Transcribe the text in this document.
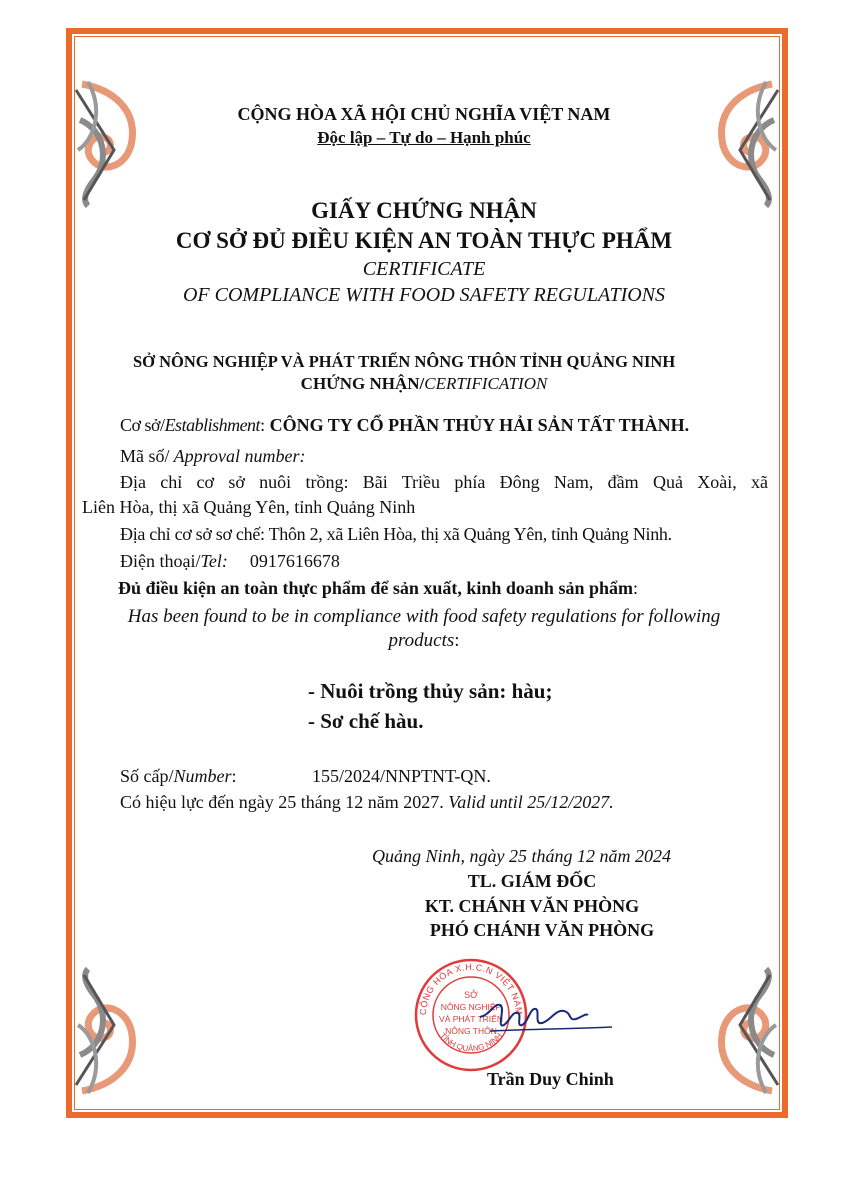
CỘNG HÒA XÃ HỘI CHỦ NGHĨA VIỆT NAM
Độc lập – Tự do – Hạnh phúc
GIẤY CHỨNG NHẬN
CƠ SỞ ĐỦ ĐIỀU KIỆN AN TOÀN THỰC PHẨM
CERTIFICATE
OF COMPLIANCE WITH FOOD SAFETY REGULATIONS
SỞ NÔNG NGHIỆP VÀ PHÁT TRIỂN NÔNG THÔN TỈNH QUẢNG NINH
CHỨNG NHẬN/CERTIFICATION
Cơ sở/Establishment: CÔNG TY CỔ PHẦN THỦY HẢI SẢN TẤT THÀNH.
Mã số/ Approval number:
Địa chỉ cơ sở nuôi trồng: Bãi Triều phía Đông Nam, đầm Quả Xoài, xã
Liên Hòa, thị xã Quảng Yên, tỉnh Quảng Ninh
Địa chỉ cơ sở sơ chế: Thôn 2, xã Liên Hòa, thị xã Quảng Yên, tỉnh Quảng Ninh.
Điện thoại/Tel: 0917616678
Đủ điều kiện an toàn thực phẩm để sản xuất, kinh doanh sản phẩm:
Has been found to be in compliance with food safety regulations for following
products:
- Nuôi trồng thủy sản: hàu;
- Sơ chế hàu.
Số cấp/Number:	155/2024/NNPTNT-QN.
Có hiệu lực đến ngày 25 tháng 12 năm 2027. Valid until 25/12/2027.
Quảng Ninh, ngày 25 tháng 12 năm 2024
TL. GIÁM ĐỐC
KT. CHÁNH VĂN PHÒNG
PHÓ CHÁNH VĂN PHÒNG
CỘNG HÒA X.H.C.N VIỆT NAM
TỈNH QUẢNG NINH
SỞ
NÔNG NGHIỆP
VÀ PHÁT TRIỂN
NÔNG THÔN
Trần Duy Chinh
